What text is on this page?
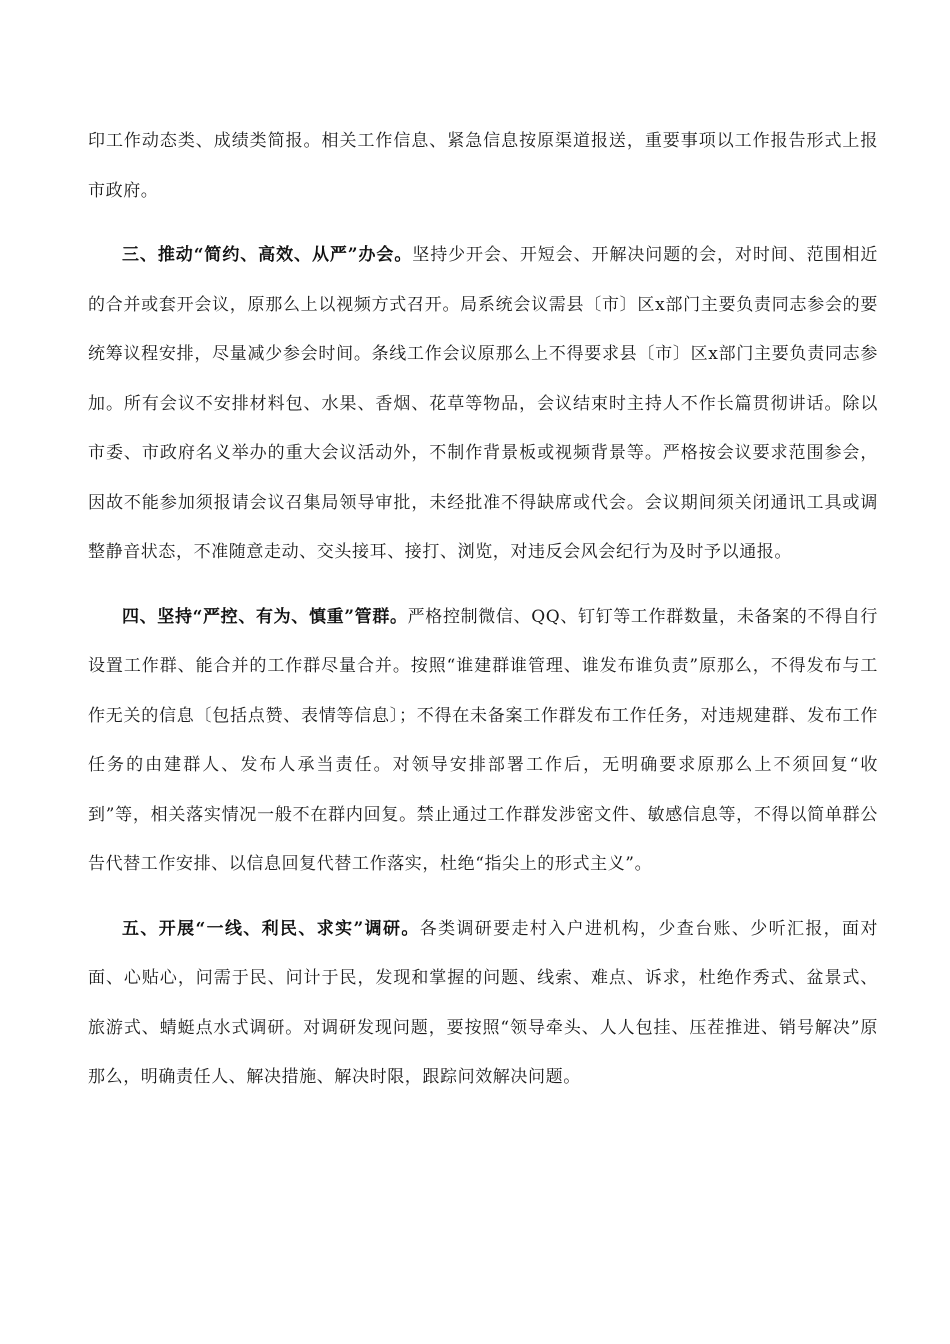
印工作动态类、成绩类简报。相关工作信息、紧急信息按原渠道报送，重要事项以工作报告形式上报市政府。

三、推动“简约、高效、从严”办会。坚持少开会、开短会、开解决问题的会，对时间、范围相近的合并或套开会议，原那么上以视频方式召开。局系统会议需县〔市〕区x部门主要负责同志参会的要统筹议程安排，尽量减少参会时间。条线工作会议原那么上不得要求县〔市〕区x部门主要负责同志参加。所有会议不安排材料包、水果、香烟、花草等物品，会议结束时主持人不作长篇贯彻讲话。除以市委、市政府名义举办的重大会议活动外，不制作背景板或视频背景等。严格按会议要求范围参会，因故不能参加须报请会议召集局领导审批，未经批准不得缺席或代会。会议期间须关闭通讯工具或调整静音状态，不准随意走动、交头接耳、接打、浏览，对违反会风会纪行为及时予以通报。

四、坚持“严控、有为、慎重”管群。严格控制微信、QQ、钉钉等工作群数量，未备案的不得自行设置工作群、能合并的工作群尽量合并。按照“谁建群谁管理、谁发布谁负责”原那么，不得发布与工作无关的信息〔包括点赞、表情等信息〕；不得在未备案工作群发布工作任务，对违规建群、发布工作任务的由建群人、发布人承当责任。对领导安排部署工作后，无明确要求原那么上不须回复“收到”等，相关落实情况一般不在群内回复。禁止通过工作群发涉密文件、敏感信息等，不得以简单群公告代替工作安排、以信息回复代替工作落实，杜绝“指尖上的形式主义”。

五、开展“一线、利民、求实”调研。各类调研要走村入户进机构，少查台账、少听汇报，面对面、心贴心，问需于民、问计于民，发现和掌握的问题、线索、难点、诉求，杜绝作秀式、盆景式、旅游式、蜻蜓点水式调研。对调研发现问题，要按照“领导牵头、人人包挂、压茬推进、销号解决”原那么，明确责任人、解决措施、解决时限，跟踪问效解决问题。
